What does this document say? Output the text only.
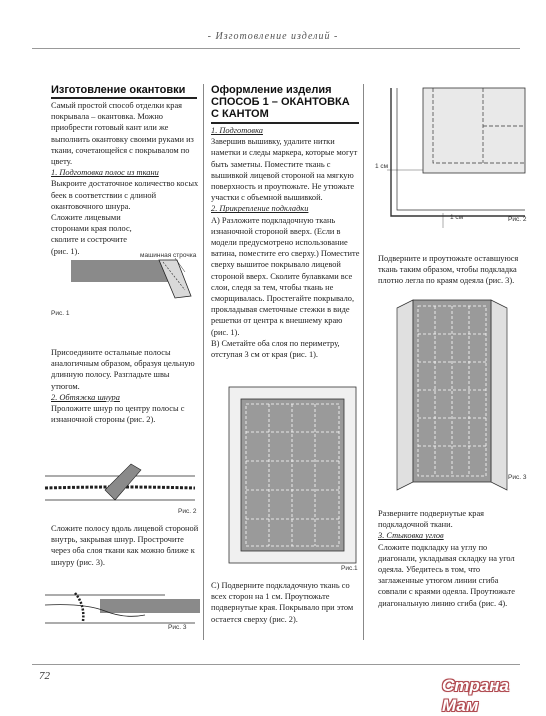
- Изготовление изделий -
Изготовление окантовки

Самый простой способ отделки края покрывала – окантовка. Можно приобрести готовый кант или же выполнить окантовку своими руками из ткани, сочетающейся с покрывалом по цвету.

1. Подготовка полос из ткани

Выкроите достаточное количество косых беек в соответствии с длиной окантовочного шнура.

Сложите лицевыми сторонами края полос, сколите и сострочите (рис. 1).	машинная строчка
Рис. 1

Присоедините остальные полосы аналогичным образом, образуя цельную длинную полосу. Разгладьте швы утюгом.

2. Обтяжка шнура

Проложите шнур по центру полосы с изнаночной стороны (рис. 2).

Рис. 2

Сложите полосу вдоль лицевой стороной внутрь, закрывая шнур. Прострочите через оба слоя ткани как можно ближе к шнуру (рис. 3).

Рис. 3
Оформление изделия
СПОСОБ 1 – ОКАНТОВКА
С КАНТОМ

1. Подготовка

Завершив вышивку, удалите нитки наметки и следы маркера, которые могут быть заметны. Поместите ткань с вышивкой лицевой стороной на мягкую поверхность и проутюжьте. Не утюжьте участки с объемной вышивкой.

2. Прикрепление подкладки

А) Разложите подкладочную ткань изнаночной стороной вверх. (Если в модели предусмотрено использование ватина, поместите его сверху.) Поместите сверху вышитое покрывало лицевой стороной вверх. Сколите булавками все слои, следя за тем, чтобы ткань не сморщивалась. Простегайте покрывало, прокладывая сметочные стежки в виде решетки от центра к внешнему краю (рис. 1).

В) Сметайте оба слоя по периметру, отступая 3 см от края (рис. 1).

Рис.1

С) Подверните подкладочную ткань со всех сторон на 1 см. Проутюжьте подвернутые края. Покрывало при этом остается сверху (рис. 2).

1 см
1 см	Рис. 2

Подверните и проутюжьте оставшуюся ткань таким образом, чтобы подкладка плотно легла по краям одеяла (рис. 3).

Рис. 3

Разверните подвернутые края подкладочной ткани.

3. Стыковка углов

Сложите подкладку на углу по диагонали, укладывая складку на угол одеяла. Убедитесь в том, что заглаженные утюгом линии сгиба совпали с краями одеяла. Проутюжьте диагональную линию сгиба (рис. 4).

72	Страна Мам
